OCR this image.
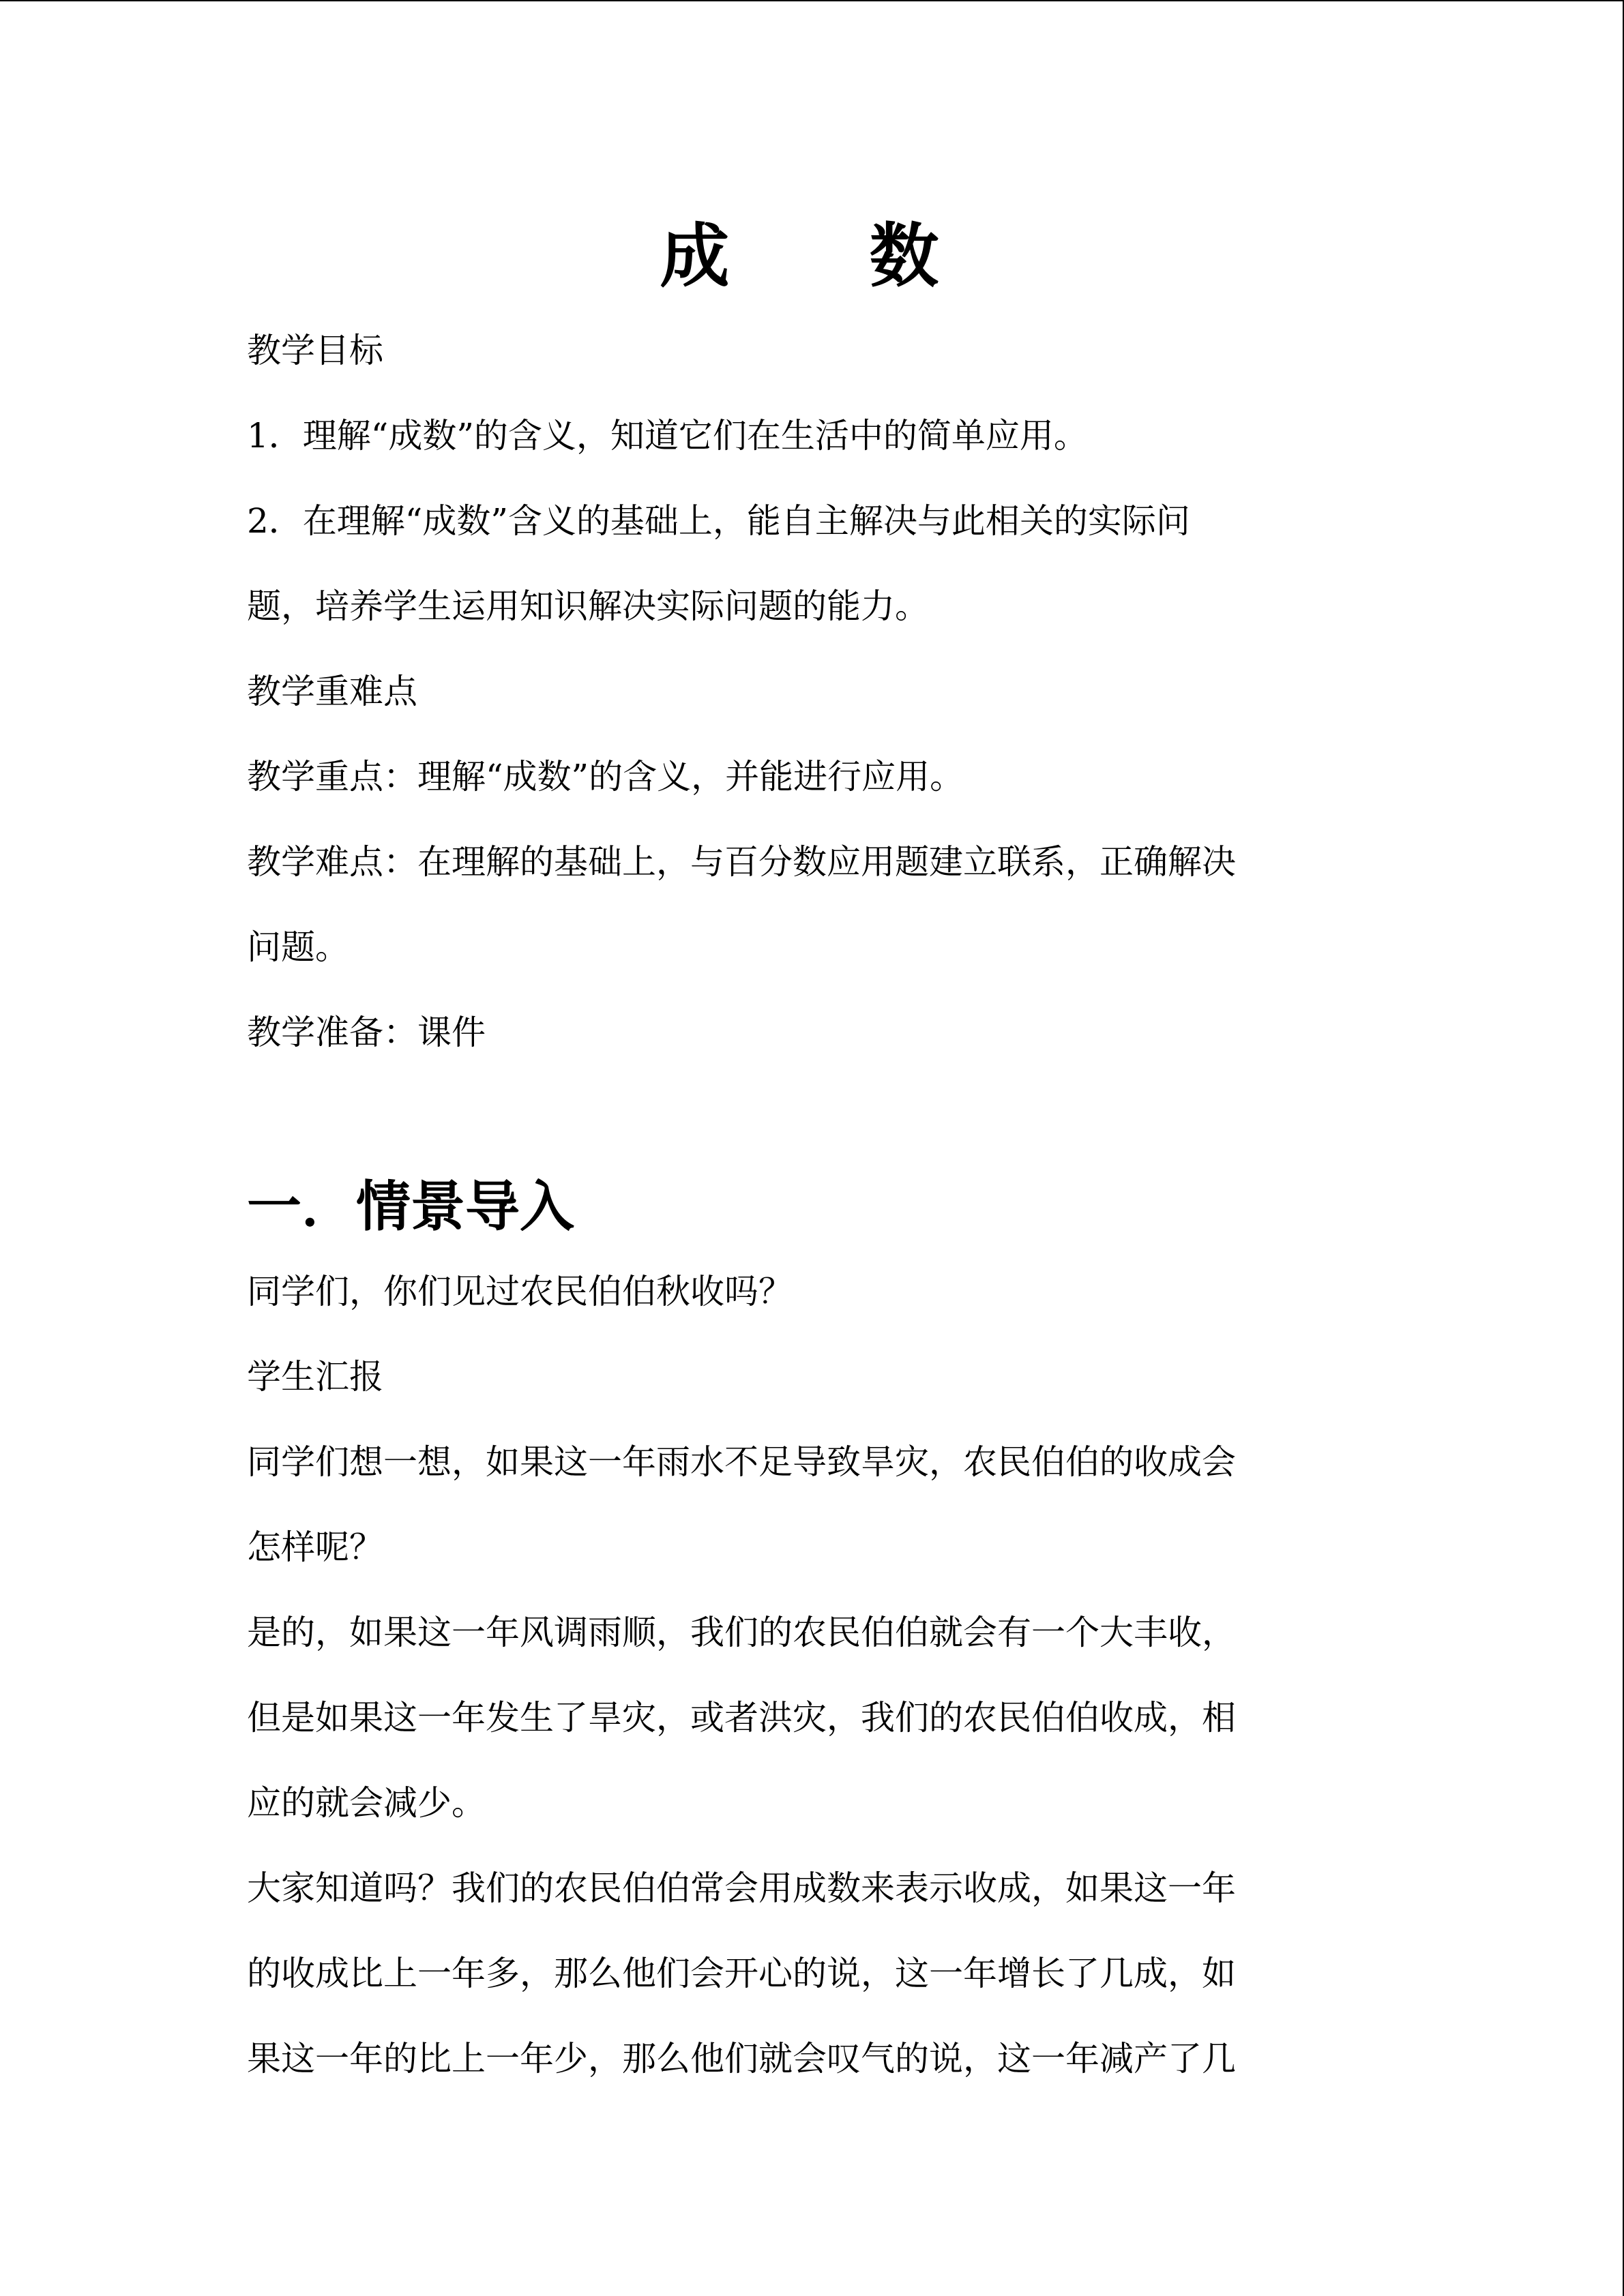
成 数
教学目标
1．理解“成数”的含义，知道它们在生活中的简单应用。
2．在理解“成数”含义的基础上，能自主解决与此相关的实际问
题，培养学生运用知识解决实际问题的能力。
教学重难点
教学重点：理解“成数”的含义，并能进行应用。
教学难点：在理解的基础上，与百分数应用题建立联系，正确解决
问题。
教学准备：课件
一．情景导入
同学们，你们见过农民伯伯秋收吗？
学生汇报
同学们想一想，如果这一年雨水不足导致旱灾，农民伯伯的收成会
怎样呢？
是的，如果这一年风调雨顺，我们的农民伯伯就会有一个大丰收，
但是如果这一年发生了旱灾，或者洪灾，我们的农民伯伯收成，相
应的就会减少。
大家知道吗？我们的农民伯伯常会用成数来表示收成，如果这一年
的收成比上一年多，那么他们会开心的说，这一年增长了几成，如
果这一年的比上一年少，那么他们就会叹气的说，这一年减产了几
